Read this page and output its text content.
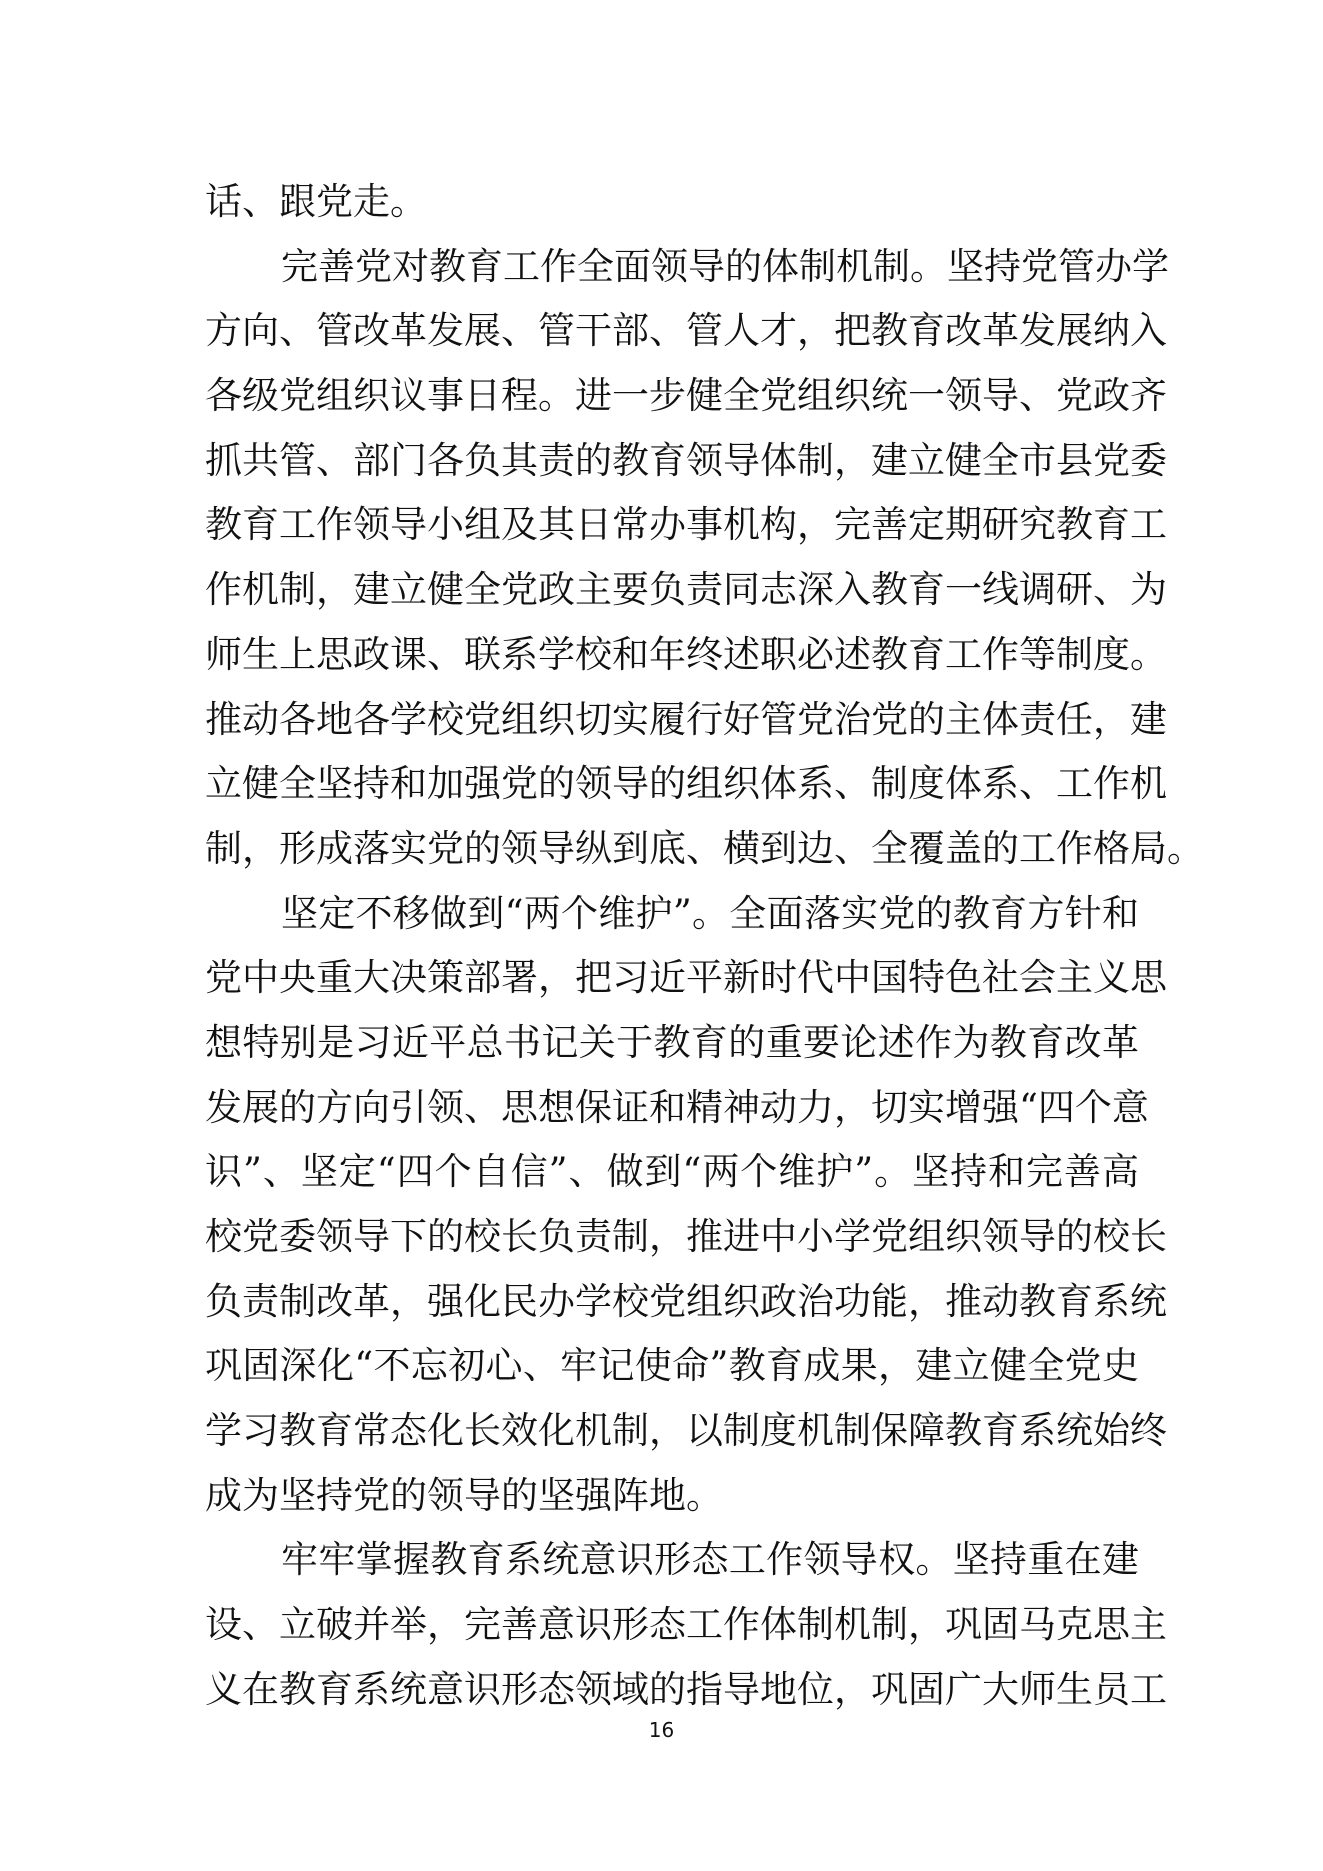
话、跟党走。
完善党对教育工作全面领导的体制机制。坚持党管办学
方向、管改革发展、管干部、管人才，把教育改革发展纳入
各级党组织议事日程。进一步健全党组织统一领导、党政齐
抓共管、部门各负其责的教育领导体制，建立健全市县党委
教育工作领导小组及其日常办事机构，完善定期研究教育工
作机制，建立健全党政主要负责同志深入教育一线调研、为
师生上思政课、联系学校和年终述职必述教育工作等制度。
推动各地各学校党组织切实履行好管党治党的主体责任，建
立健全坚持和加强党的领导的组织体系、制度体系、工作机
制，形成落实党的领导纵到底、横到边、全覆盖的工作格局。
坚定不移做到“两个维护”。全面落实党的教育方针和
党中央重大决策部署，把习近平新时代中国特色社会主义思
想特别是习近平总书记关于教育的重要论述作为教育改革
发展的方向引领、思想保证和精神动力，切实增强“四个意
识”、坚定“四个自信”、做到“两个维护”。坚持和完善高
校党委领导下的校长负责制，推进中小学党组织领导的校长
负责制改革，强化民办学校党组织政治功能，推动教育系统
巩固深化“不忘初心、牢记使命”教育成果，建立健全党史
学习教育常态化长效化机制，以制度机制保障教育系统始终
成为坚持党的领导的坚强阵地。
牢牢掌握教育系统意识形态工作领导权。坚持重在建
设、立破并举，完善意识形态工作体制机制，巩固马克思主
义在教育系统意识形态领域的指导地位，巩固广大师生员工
16
